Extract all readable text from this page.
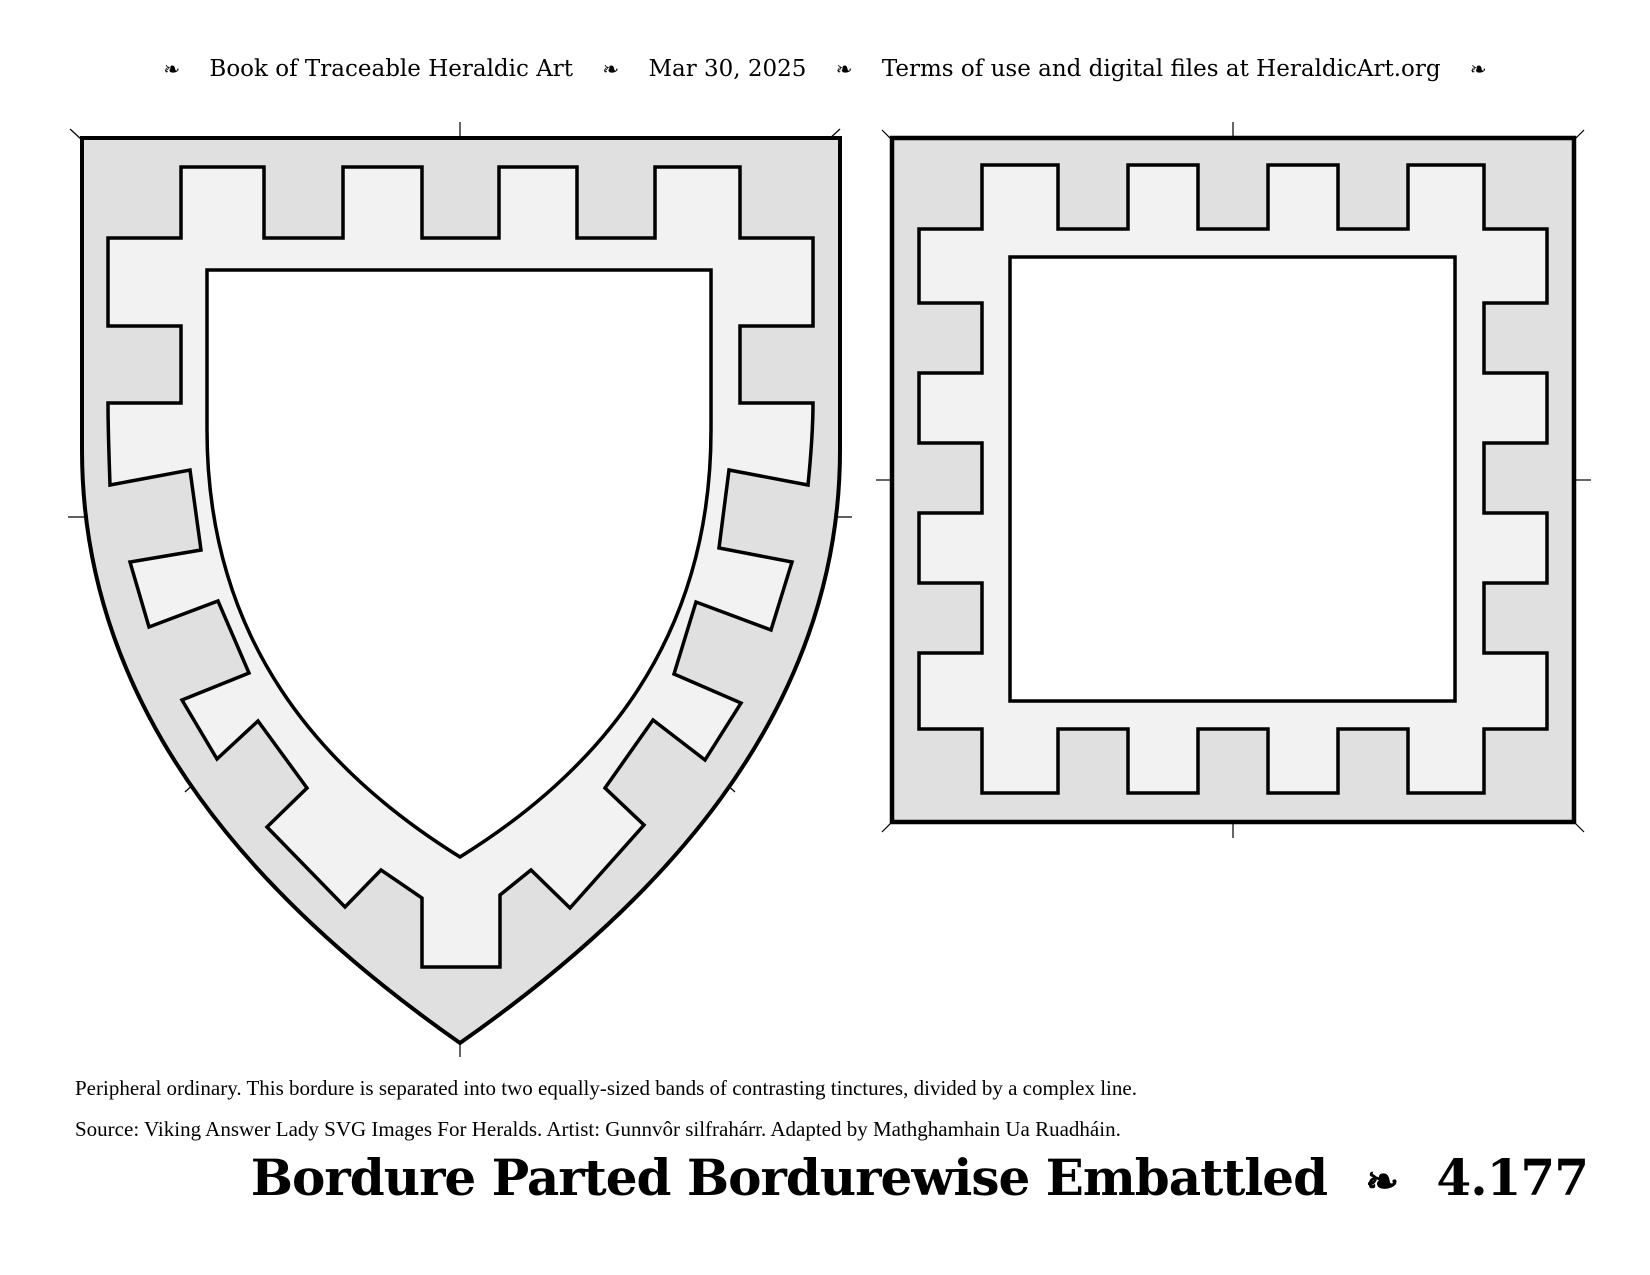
❧ Book of Traceable Heraldic Art ❧ Mar 30, 2025 ❧ Terms of use and digital files at HeraldicArt.org ❧
Peripheral ordinary. This bordure is separated into two equally-sized bands of contrasting tinctures, divided by a complex line.
Source: Viking Answer Lady SVG Images For Heralds. Artist: Gunnvôr silfrahárr. Adapted by Mathghamhain Ua Ruadháin.
Bordure Parted Bordurewise Embattled ❧ 4.177
